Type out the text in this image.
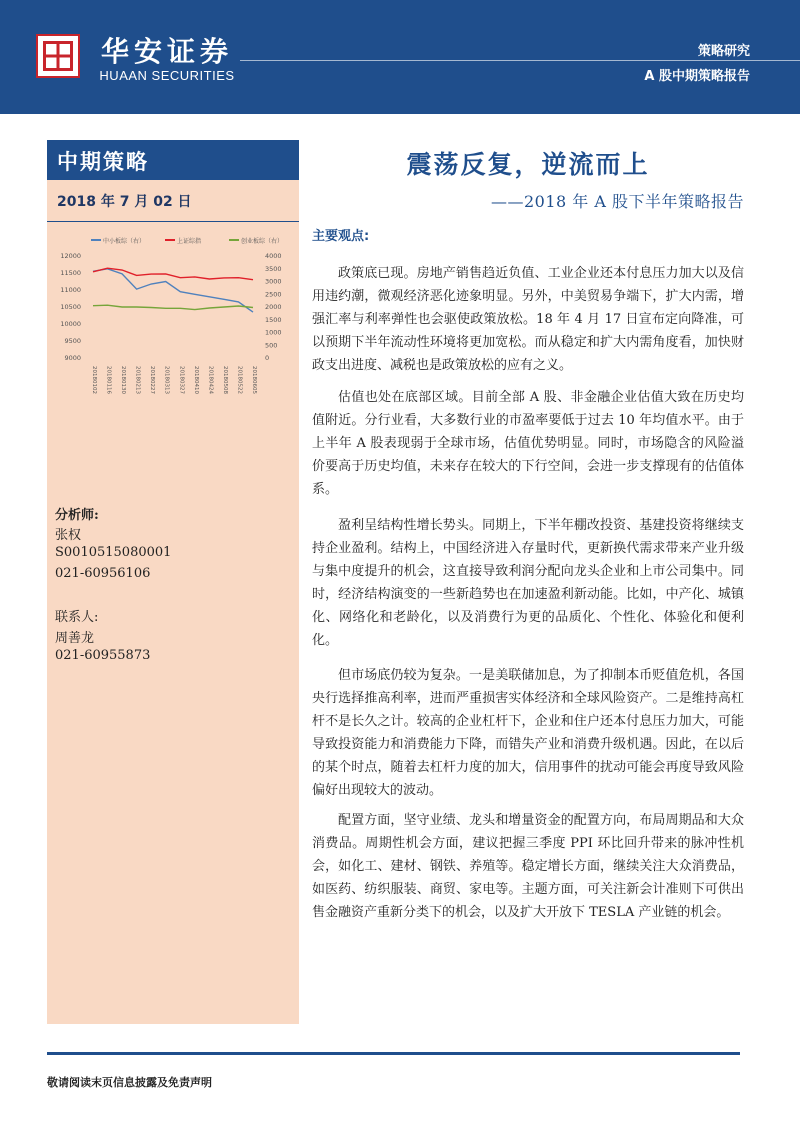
华安证券
HUAAN SECURITIES
策略研究
A 股中期策略报告
中期策略
2018 年 7 月 02 日
中小板综（右）	上证综指	创业板综（右）
9000
9500
10000
10500
11000
11500
12000
0
500
1000
1500
2000
2500
3000
3500
4000
20180102 20180116 20180130 20180213 20180227 20180313 20180327 20180410 20180424 20180508 20180522 20180605
分析师:
张权
S0010515080001
021-60956106
联系人:
周善龙
021-60955873
震荡反复，逆流而上
——2018 年 A 股下半年策略报告
主要观点:
政策底已现。房地产销售趋近负值、工业企业还本付息压力加大以及信用违约潮，微观经济恶化迹象明显。另外，中美贸易争端下，扩大内需，增强汇率与利率弹性也会驱使政策放松。18 年 4 月 17 日宣布定向降准，可以预期下半年流动性环境将更加宽松。而从稳定和扩大内需角度看，加快财政支出进度、减税也是政策放松的应有之义。
估值也处在底部区域。目前全部 A 股、非金融企业估值大致在历史均值附近。分行业看，大多数行业的市盈率要低于过去 10 年均值水平。由于上半年 A 股表现弱于全球市场，估值优势明显。同时，市场隐含的风险溢价要高于历史均值，未来存在较大的下行空间，会进一步支撑现有的估值体系。
盈利呈结构性增长势头。同期上，下半年棚改投资、基建投资将继续支持企业盈利。结构上，中国经济进入存量时代，更新换代需求带来产业升级与集中度提升的机会，这直接导致利润分配向龙头企业和上市公司集中。同时，经济结构演变的一些新趋势也在加速盈利新动能。比如，中产化、城镇化、网络化和老龄化，以及消费行为更的品质化、个性化、体验化和便利化。
但市场底仍较为复杂。一是美联储加息，为了抑制本币贬值危机，各国央行选择推高利率，进而严重损害实体经济和全球风险资产。二是维持高杠杆不是长久之计。较高的企业杠杆下，企业和住户还本付息压力加大，可能导致投资能力和消费能力下降，而错失产业和消费升级机遇。因此，在以后的某个时点，随着去杠杆力度的加大，信用事件的扰动可能会再度导致风险偏好出现较大的波动。
配置方面，坚守业绩、龙头和增量资金的配置方向，布局周期品和大众消费品。周期性机会方面，建议把握三季度 PPI 环比回升带来的脉冲性机会，如化工、建材、钢铁、养殖等。稳定增长方面，继续关注大众消费品，如医药、纺织服装、商贸、家电等。主题方面，可关注新会计准则下可供出售金融资产重新分类下的机会，以及扩大开放下 TESLA 产业链的机会。
敬请阅读末页信息披露及免责声明
